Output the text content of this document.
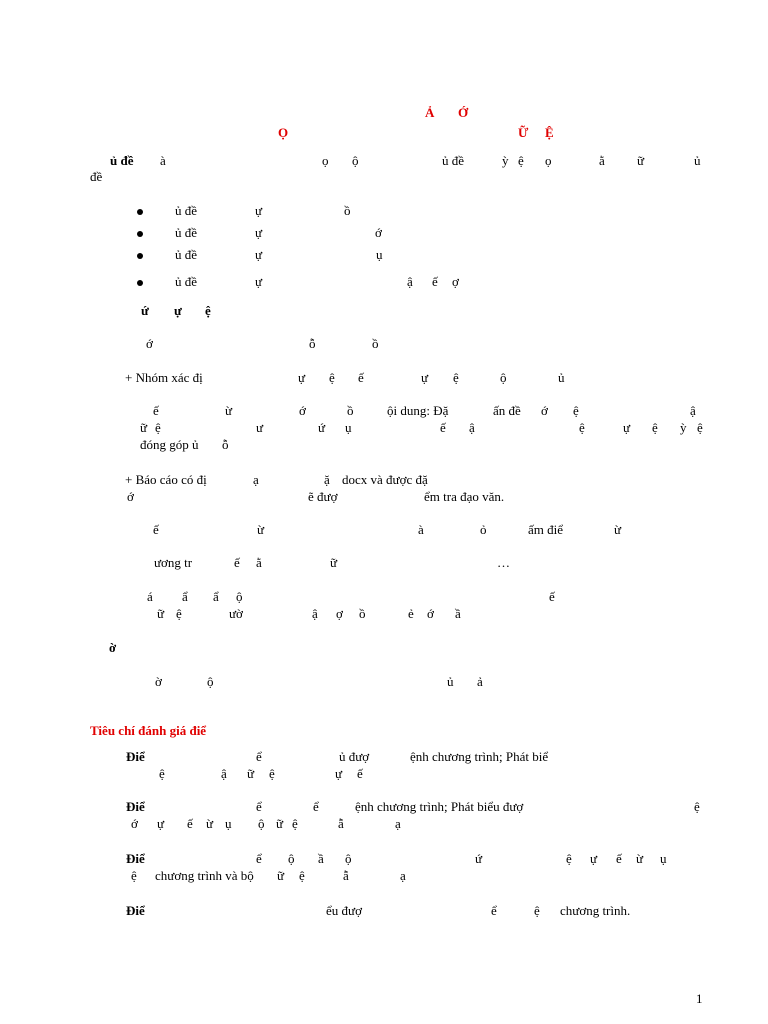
Ả Ớ
Ọ	Ữ Ệ
ủ đề à	ọ ộ	ủ đề	ỳ ệ ọ	ằ ữ	ủ
đề
ủ đề	ự	ồ
ủ đề	ự	ớ
ủ đề	ự	ụ
ủ đề	ự	ậ ế ợ
ứ ự ệ
ớ	ỗ	ồ
+ Nhóm xác đị	ự ệ ế	ự ệ	ộ	ủ
ế	ừ	ớ	ồ	ội dung: Đặ	ấn đề ớ ệ	ậ
ữ ệ	ư	ứ ụ	ế ậ	ệ	ự ệ ỳ ệ
đóng góp ủ ỗ
+ Báo cáo có đị	ạ	ặ docx và được đặ
ớ	ẽ đượ	ểm tra đạo văn.
ế	ừ	à	ỏ	ấm điể	ừ
ương tr	ế ằ	ữ	…
á ẩ ẩ ộ	ế
ữ ệ	ườ	ậ ợ ồ	ẻ ớ ầ
ờ
ờ	ộ	ủ ả
Tiêu chí đánh giá điể
Điể	ể	ủ đượ	ệnh chương trình; Phát biể
ệ	ậ ữ ệ	ự ế
Điể	ể	ể	ệnh chương trình; Phát biểu đượ	ệ
ớ ự ế ừ ụ ộ ữ ệ	ẫ	ạ
Điể	ể ộ ầ ộ	ứ	ệ ự ế ừ ụ
ệ chương trình và bộ ữ ệ	ẫ	ạ
Điể	ểu đượ	ể	ệ chương trình.
1
